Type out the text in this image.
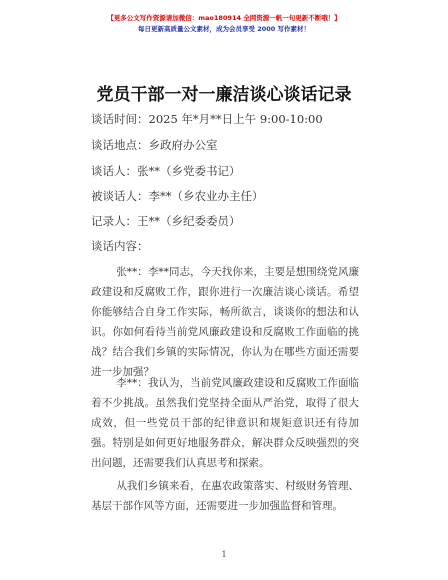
【更多公文写作资源请加微信：mao180914 全网资源一帆一句更新不断哦！】
每日更新高质量公文素材，成为会员享受 2000 写作素材！
党员干部一对一廉洁谈心谈话记录
谈话时间：2025 年*月**日上午 9:00-10:00
谈话地点：乡政府办公室
谈话人：张**（乡党委书记）
被谈话人：李**（乡农业办主任）
记录人：王**（乡纪委委员）
谈话内容：

张**：李**同志，今天找你来，主要是想围绕党风廉政建设和反腐败工作，跟你进行一次廉洁谈心谈话。希望你能够结合自身工作实际，畅所欲言，谈谈你的想法和认识。你如何看待当前党风廉政建设和反腐败工作面临的挑战？结合我们乡镇的实际情况，你认为在哪些方面还需要进一步加强？

李**：我认为，当前党风廉政建设和反腐败工作面临着不少挑战。虽然我们党坚持全面从严治党，取得了很大成效，但一些党员干部的纪律意识和规矩意识还有待加强。特别是如何更好地服务群众，解决群众反映强烈的突出问题，还需要我们认真思考和探索。

从我们乡镇来看，在惠农政策落实、村级财务管理、基层干部作风等方面，还需要进一步加强监督和管理。

1
